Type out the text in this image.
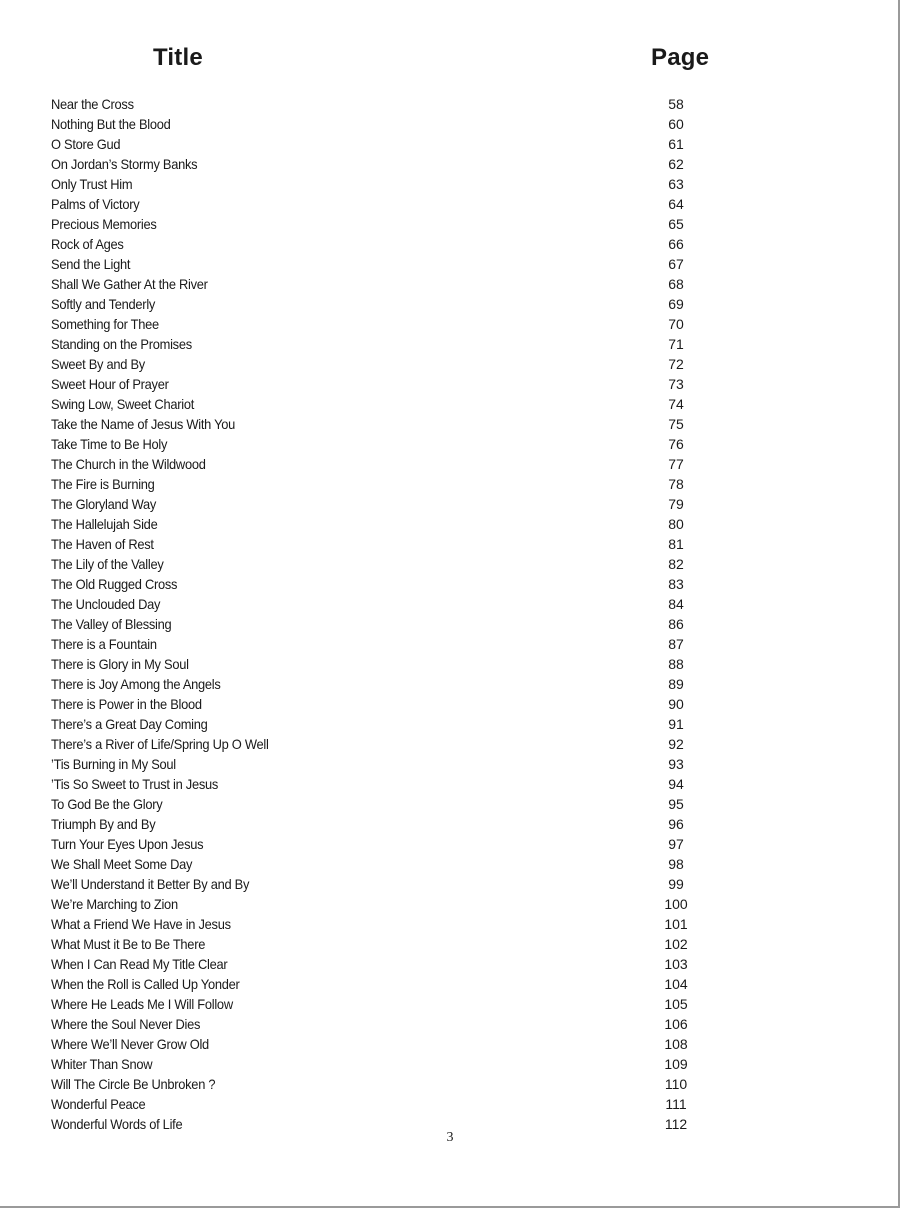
Title	Page
Near the Cross	58
Nothing But the Blood	60
O Store Gud	61
On Jordan’s Stormy Banks	62
Only Trust Him	63
Palms of Victory	64
Precious Memories	65
Rock of Ages	66
Send the Light	67
Shall We Gather At the River	68
Softly and Tenderly	69
Something for Thee	70
Standing on the Promises	71
Sweet By and By	72
Sweet Hour of Prayer	73
Swing Low, Sweet Chariot	74
Take the Name of Jesus With You	75
Take Time to Be Holy	76
The Church in the Wildwood	77
The Fire is Burning	78
The Gloryland Way	79
The Hallelujah Side	80
The Haven of Rest	81
The Lily of the Valley	82
The Old Rugged Cross	83
The Unclouded Day	84
The Valley of Blessing	86
There is a Fountain	87
There is Glory in My Soul	88
There is Joy Among the Angels	89
There is Power in the Blood	90
There’s a Great Day Coming	91
There’s a River of Life/Spring Up O Well	92
’Tis Burning in My Soul	93
’Tis So Sweet to Trust in Jesus	94
To God Be the Glory	95
Triumph By and By	96
Turn Your Eyes Upon Jesus	97
We Shall Meet Some Day	98
We’ll Understand it Better By and By	99
We’re Marching to Zion	100
What a Friend We Have in Jesus	101
What Must it Be to Be There	102
When I Can Read My Title Clear	103
When the Roll is Called Up Yonder	104
Where He Leads Me I Will Follow	105
Where the Soul Never Dies	106
Where We’ll Never Grow Old	108
Whiter Than Snow	109
Will The Circle Be Unbroken ?	110
Wonderful Peace	111
Wonderful Words of Life	112
3
